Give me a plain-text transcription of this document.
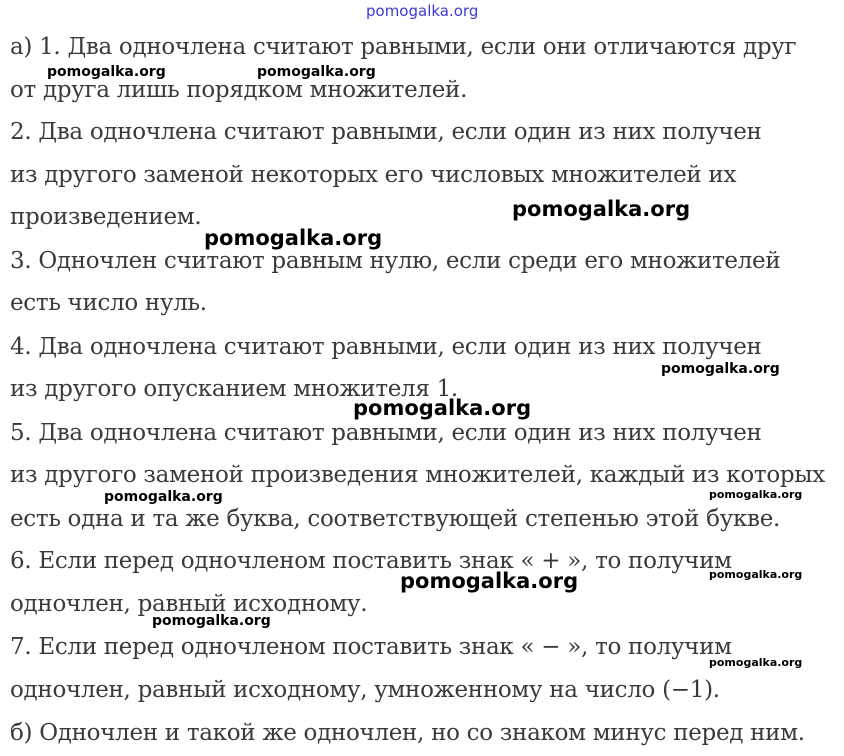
а) 1. Два одночлена считают равными, если они отличаются друг
от друга лишь порядком множителей.
2. Два одночлена считают равными, если один из них получен
из другого заменой некоторых его числовых множителей их
произведением.
3. Одночлен считают равным нулю, если среди его множителей
есть число нуль.
4. Два одночлена считают равными, если один из них получен
из другого опусканием множителя 1.
5. Два одночлена считают равными, если один из них получен
из другого заменой произведения множителей, каждый из которых
есть одна и та же буква, соответствующей степенью этой букве.
6. Если перед одночленом поставить знак « + », то получим
одночлен, равный исходному.
7. Если перед одночленом поставить знак « − », то получим
одночлен, равный исходному, умноженному на число (−1).
б) Одночлен и такой же одночлен, но со знаком минус перед ним.
pomogalka.org
pomogalka.org	pomogalka.org
pomogalka.org
pomogalka.org
pomogalka.org
pomogalka.org
pomogalka.org	pomogalka.org
pomogalka.org	pomogalka.org
pomogalka.org
pomogalka.org
